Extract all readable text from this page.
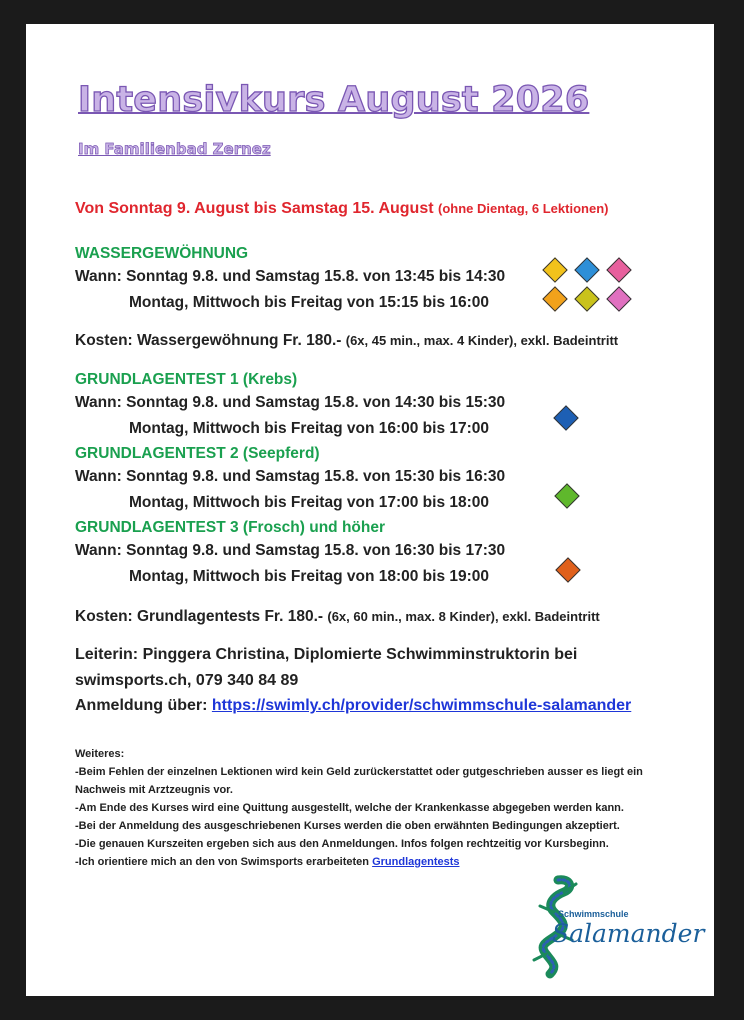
Intensivkurs August 2026
Im Familienbad Zernez
Von Sonntag 9. August bis Samstag 15. August (ohne Dientag, 6 Lektionen)
WASSERGEWÖHNUNG
Wann: Sonntag 9.8. und Samstag 15.8. von 13:45 bis 14:30
Montag, Mittwoch bis Freitag von 15:15 bis 16:00
Kosten: Wassergewöhnung Fr. 180.- (6x, 45 min., max. 4 Kinder), exkl. Badeintritt
GRUNDLAGENTEST 1 (Krebs)
Wann: Sonntag 9.8. und Samstag 15.8. von 14:30 bis 15:30
Montag, Mittwoch bis Freitag von 16:00 bis 17:00
GRUNDLAGENTEST 2 (Seepferd)
Wann: Sonntag 9.8. und Samstag 15.8. von 15:30 bis 16:30
Montag, Mittwoch bis Freitag von 17:00 bis 18:00
GRUNDLAGENTEST 3 (Frosch) und höher
Wann: Sonntag 9.8. und Samstag 15.8. von 16:30 bis 17:30
Montag, Mittwoch bis Freitag von 18:00 bis 19:00
Kosten: Grundlagentests Fr. 180.- (6x, 60 min., max. 8 Kinder), exkl. Badeintritt
Leiterin: Pinggera Christina, Diplomierte Schwimminstruktorin bei
swimsports.ch, 079 340 84 89
Anmeldung über: https://swimly.ch/provider/schwimmschule-salamander
Weiteres:
-Beim Fehlen der einzelnen Lektionen wird kein Geld zurückerstattet oder gutgeschrieben ausser es liegt ein
Nachweis mit Arztzeugnis vor.
-Am Ende des Kurses wird eine Quittung ausgestellt, welche der Krankenkasse abgegeben werden kann.
-Bei der Anmeldung des ausgeschriebenen Kurses werden die oben erwähnten Bedingungen akzeptiert.
-Die genauen Kurszeiten ergeben sich aus den Anmeldungen. Infos folgen rechtzeitig vor Kursbeginn.
-Ich orientiere mich an den von Swimsports erarbeiteten Grundlagentests
Schwimmschule
Salamander
